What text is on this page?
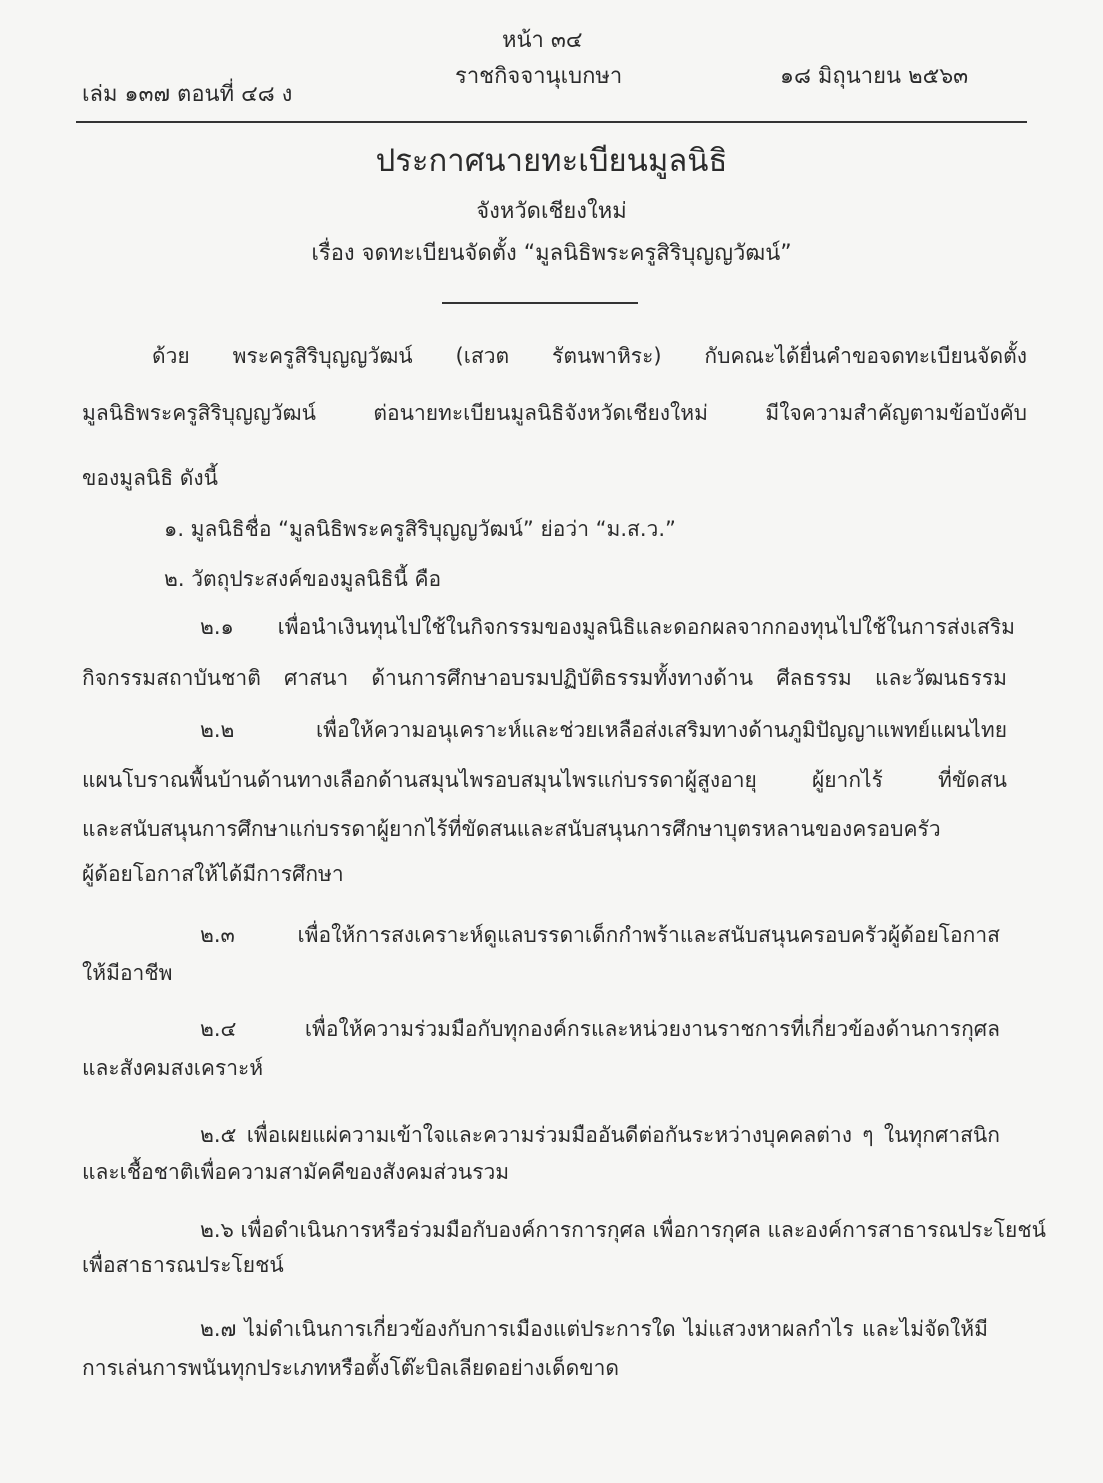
หน้า ๓๔
เล่ม ๑๓๗ ตอนที่ ๔๘ ง
ราชกิจจานุเบกษา	๑๘ มิถุนายน ๒๕๖๓
ประกาศนายทะเบียนมูลนิธิ
จังหวัดเชียงใหม่
เรื่อง จดทะเบียนจัดตั้ง “มูลนิธิพระครูสิริบุญญวัฒน์”
ด้วย พระครูสิริบุญญวัฒน์ (เสวต รัตนพาหิระ) กับคณะได้ยื่นคำขอจดทะเบียนจัดตั้ง
มูลนิธิพระครูสิริบุญญวัฒน์ ต่อนายทะเบียนมูลนิธิจังหวัดเชียงใหม่ มีใจความสำคัญตามข้อบังคับ
ของมูลนิธิ ดังนี้
๑. มูลนิธิชื่อ “มูลนิธิพระครูสิริบุญญวัฒน์” ย่อว่า “ม.ส.ว.”
๒. วัตถุประสงค์ของมูลนิธินี้ คือ
๒.๑ เพื่อนำเงินทุนไปใช้ในกิจกรรมของมูลนิธิและดอกผลจากกองทุนไปใช้ในการส่งเสริม
กิจกรรมสถาบันชาติ ศาสนา ด้านการศึกษาอบรมปฏิบัติธรรมทั้งทางด้าน ศีลธรรม และวัฒนธรรม
๒.๒ เพื่อให้ความอนุเคราะห์และช่วยเหลือส่งเสริมทางด้านภูมิปัญญาแพทย์แผนไทย
แผนโบราณพื้นบ้านด้านทางเลือกด้านสมุนไพรอบสมุนไพรแก่บรรดาผู้สูงอายุ ผู้ยากไร้ ที่ขัดสน
และสนับสนุนการศึกษาแก่บรรดาผู้ยากไร้ที่ขัดสนและสนับสนุนการศึกษาบุตรหลานของครอบครัว
ผู้ด้อยโอกาสให้ได้มีการศึกษา
๒.๓ เพื่อให้การสงเคราะห์ดูแลบรรดาเด็กกำพร้าและสนับสนุนครอบครัวผู้ด้อยโอกาส
ให้มีอาชีพ
๒.๔ เพื่อให้ความร่วมมือกับทุกองค์กรและหน่วยงานราชการที่เกี่ยวข้องด้านการกุศล
และสังคมสงเคราะห์
๒.๕ เพื่อเผยแผ่ความเข้าใจและความร่วมมืออันดีต่อกันระหว่างบุคคลต่าง ๆ ในทุกศาสนิก
และเชื้อชาติเพื่อความสามัคคีของสังคมส่วนรวม
๒.๖ เพื่อดำเนินการหรือร่วมมือกับองค์การการกุศล เพื่อการกุศล และองค์การสาธารณประโยชน์
เพื่อสาธารณประโยชน์
๒.๗ ไม่ดำเนินการเกี่ยวข้องกับการเมืองแต่ประการใด ไม่แสวงหาผลกำไร และไม่จัดให้มี
การเล่นการพนันทุกประเภทหรือตั้งโต๊ะบิลเลียดอย่างเด็ดขาด
